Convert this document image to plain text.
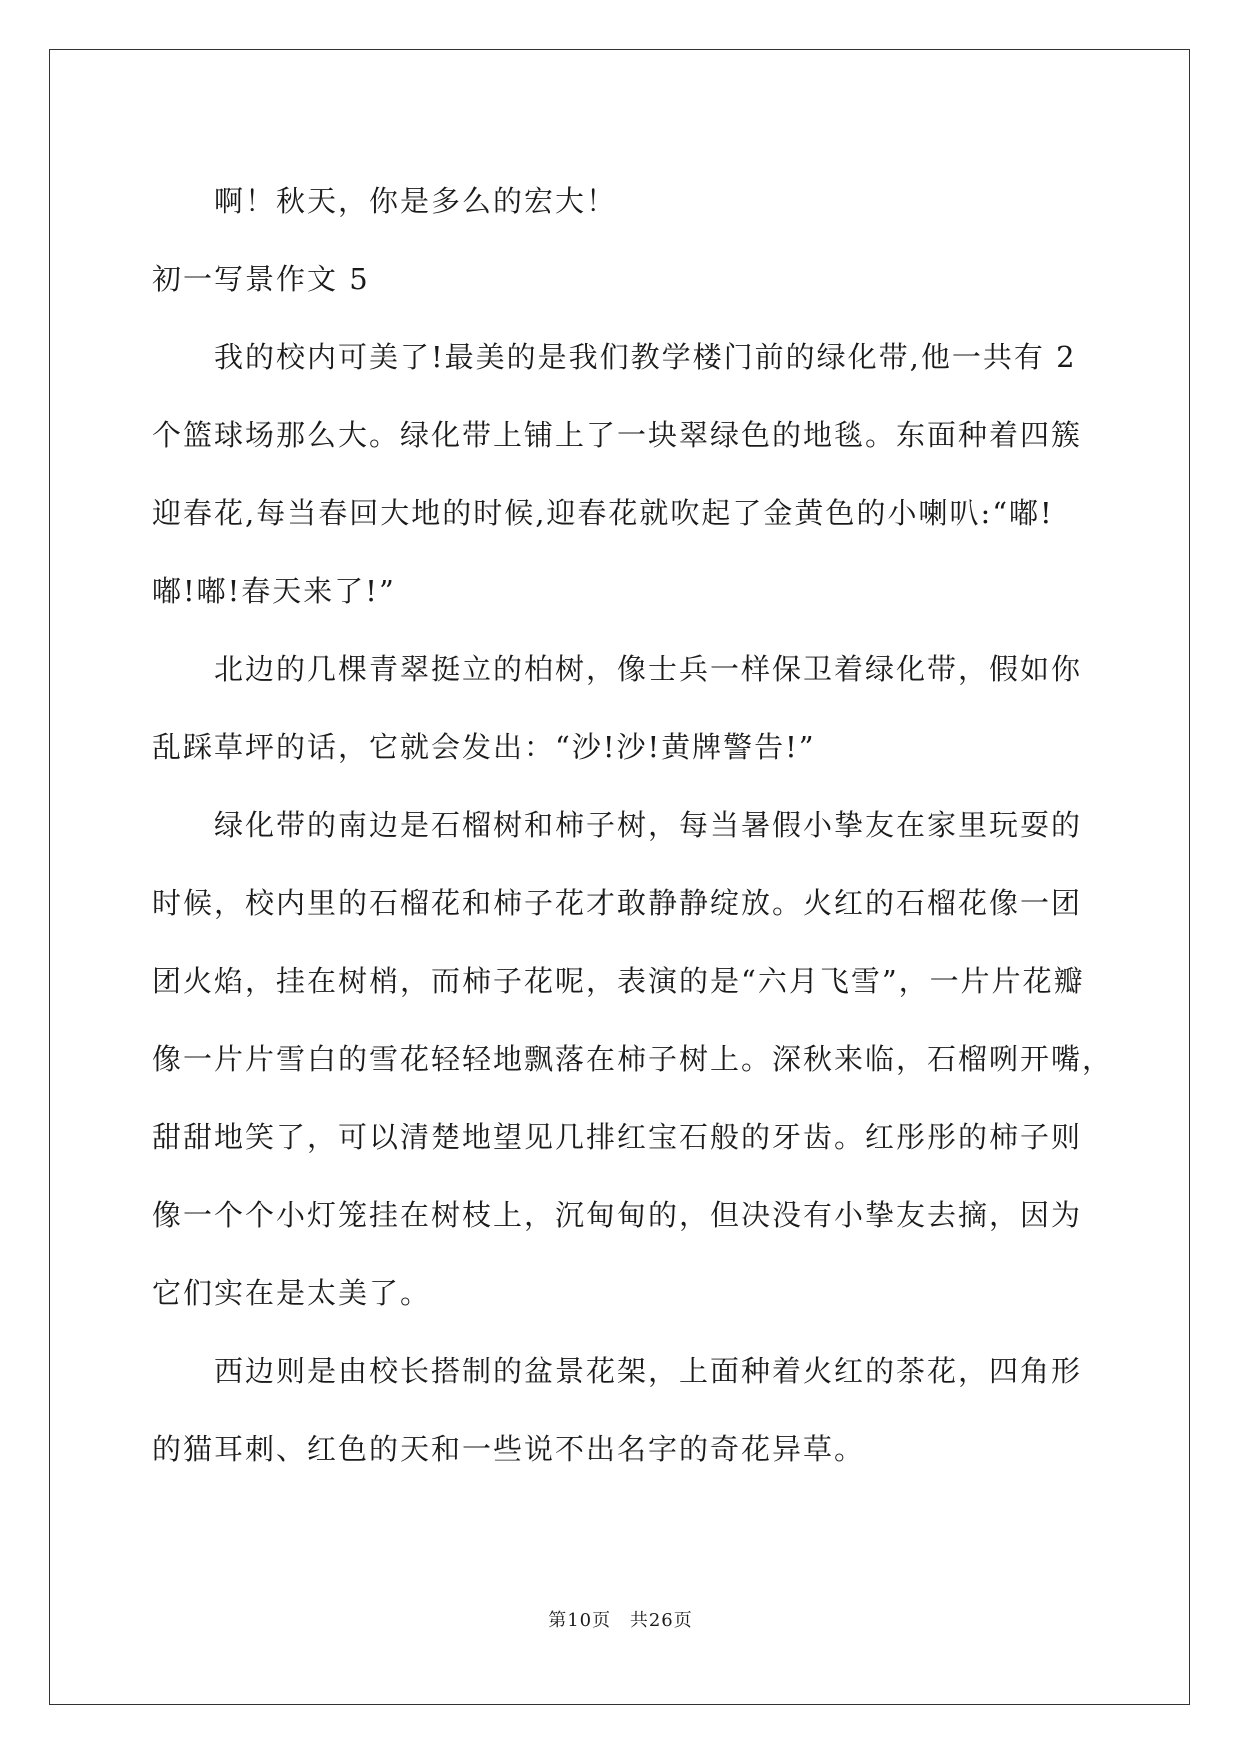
啊！秋天，你是多么的宏大！
初一写景作文 5
我的校内可美了!最美的是我们教学楼门前的绿化带,他一共有 2
个篮球场那么大。绿化带上铺上了一块翠绿色的地毯。东面种着四簇
迎春花,每当春回大地的时候,迎春花就吹起了金黄色的小喇叭:“嘟!
嘟!嘟!春天来了!”
北边的几棵青翠挺立的柏树，像士兵一样保卫着绿化带，假如你
乱踩草坪的话，它就会发出：“沙!沙!黄牌警告!”
绿化带的南边是石榴树和柿子树，每当暑假小挚友在家里玩耍的
时候，校内里的石榴花和柿子花才敢静静绽放。火红的石榴花像一团
团火焰，挂在树梢，而柿子花呢，表演的是“六月飞雪”，一片片花瓣
像一片片雪白的雪花轻轻地飘落在柿子树上。深秋来临，石榴咧开嘴，
甜甜地笑了，可以清楚地望见几排红宝石般的牙齿。红彤彤的柿子则
像一个个小灯笼挂在树枝上，沉甸甸的，但决没有小挚友去摘，因为
它们实在是太美了。
西边则是由校长搭制的盆景花架，上面种着火红的茶花，四角形
的猫耳刺、红色的天和一些说不出名字的奇花异草。
第10页 共26页
